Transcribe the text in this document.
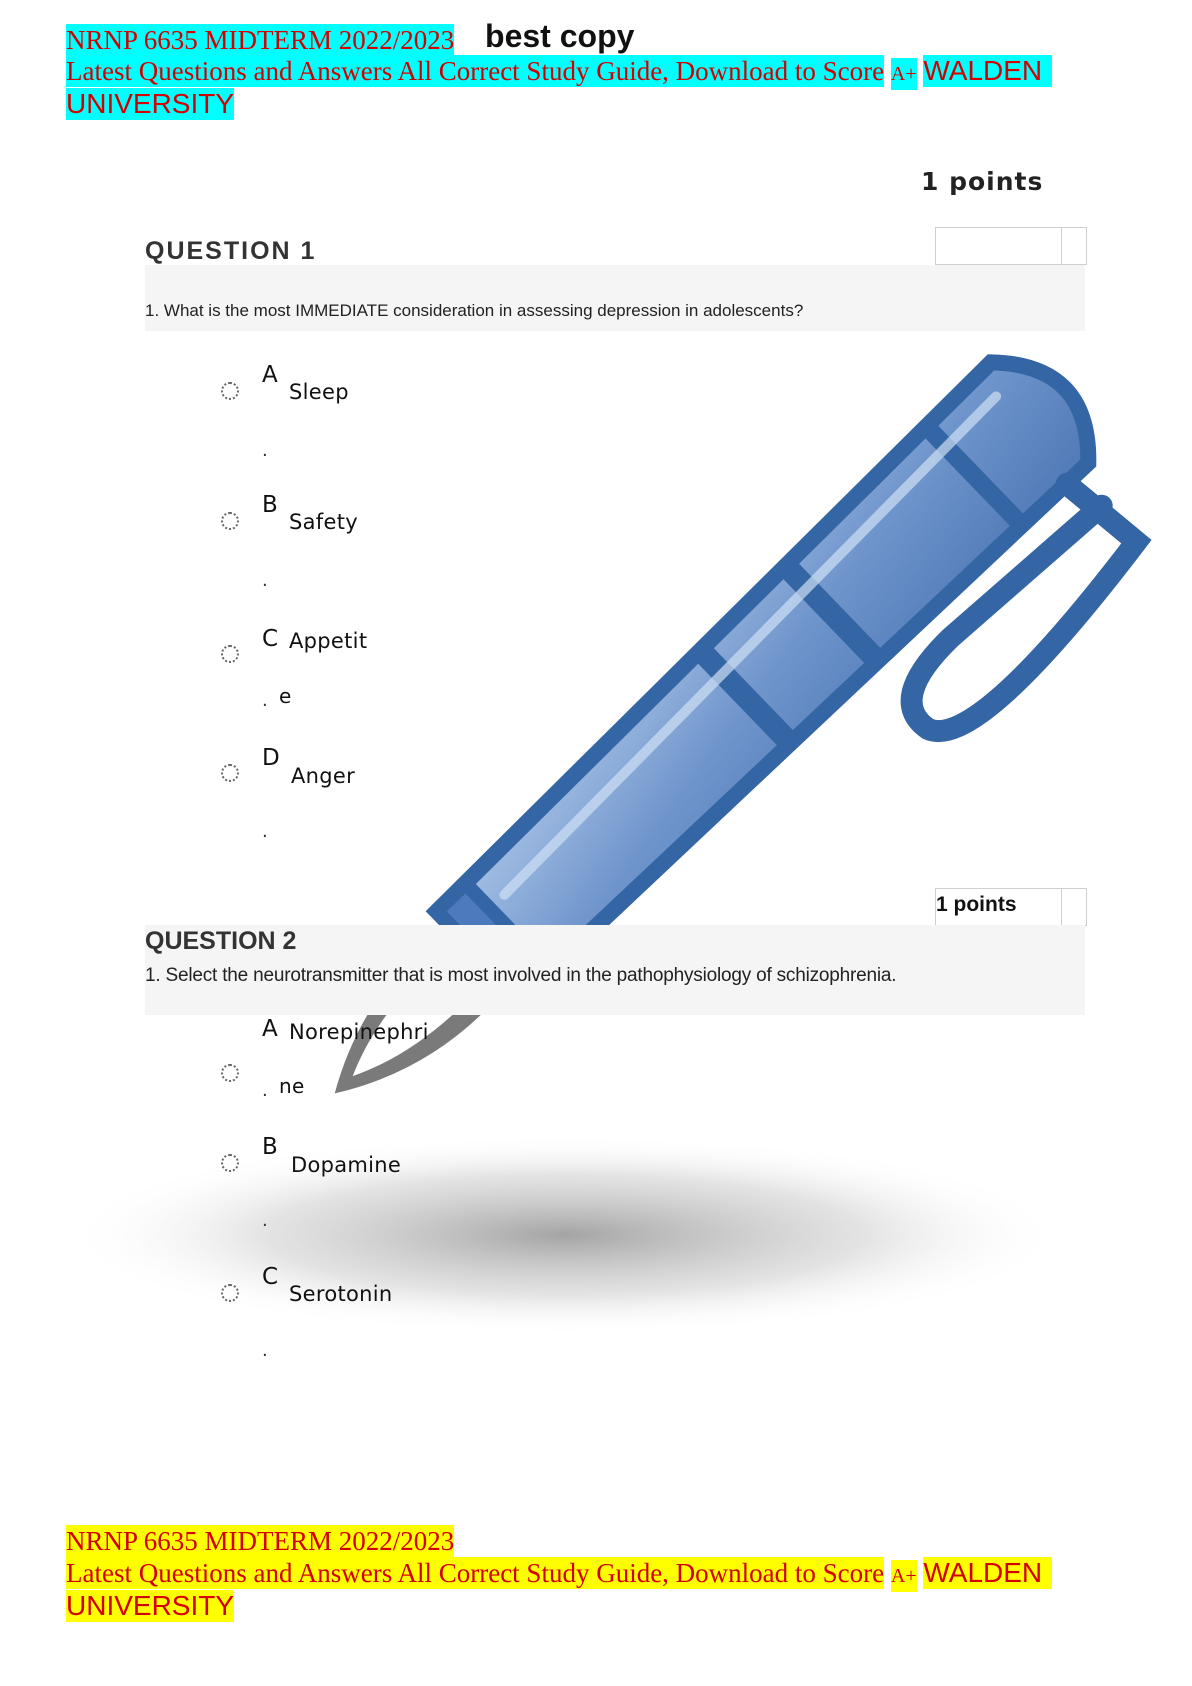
NRNP 6635 MIDTERM 2022/2023 best copy
Latest Questions and Answers All Correct Study Guide, Download to Score A+ WALDEN
UNIVERSITY
1 points
QUESTION 1
1. What is the most IMMEDIATE consideration in assessing depression in adolescents?
A
Sleep
.
B
Safety
.
C Appetit
. e
D
Anger
.
1 points
QUESTION 2
1. Select the neurotransmitter that is most involved in the pathophysiology of schizophrenia.
A Norepinephri
. ne
B
Dopamine
.
C
Serotonin
.
NRNP 6635 MIDTERM 2022/2023
Latest Questions and Answers All Correct Study Guide, Download to Score A+ WALDEN
UNIVERSITY
